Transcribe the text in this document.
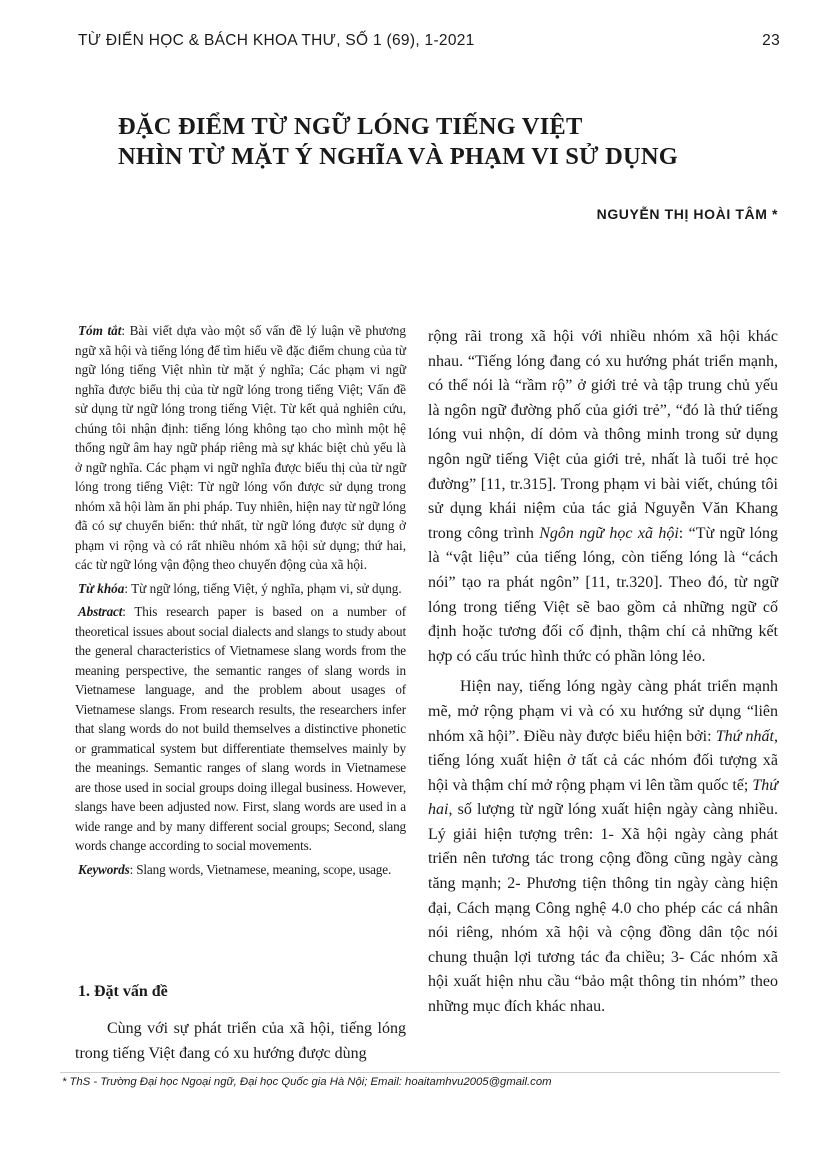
TỪ ĐIỂN HỌC & BÁCH KHOA THƯ, SỐ 1 (69), 1-2021	23
ĐẶC ĐIỂM TỪ NGỮ LÓNG TIẾNG VIỆT
NHÌN TỪ MẶT Ý NGHĨA VÀ PHẠM VI SỬ DỤNG
NGUYỄN THỊ HOÀI TÂM *

Tóm tắt: Bài viết dựa vào một số vấn đề lý luận về phương ngữ xã hội và tiếng lóng để tìm hiểu về đặc điểm chung của từ ngữ lóng tiếng Việt nhìn từ mặt ý nghĩa; Các phạm vi ngữ nghĩa được biểu thị của từ ngữ lóng trong tiếng Việt; Vấn đề sử dụng từ ngữ lóng trong tiếng Việt. Từ kết quả nghiên cứu, chúng tôi nhận định: tiếng lóng không tạo cho mình một hệ thống ngữ âm hay ngữ pháp riêng mà sự khác biệt chủ yếu là ở ngữ nghĩa. Các phạm vi ngữ nghĩa được biểu thị của từ ngữ lóng trong tiếng Việt: Từ ngữ lóng vốn được sử dụng trong nhóm xã hội làm ăn phi pháp. Tuy nhiên, hiện nay từ ngữ lóng đã có sự chuyển biến: thứ nhất, từ ngữ lóng được sử dụng ở phạm vi rộng và có rất nhiều nhóm xã hội sử dụng; thứ hai, các từ ngữ lóng vận động theo chuyển động của xã hội.

Từ khóa: Từ ngữ lóng, tiếng Việt, ý nghĩa, phạm vi, sử dụng.

Abstract: This research paper is based on a number of theoretical issues about social dialects and slangs to study about the general characteristics of Vietnamese slang words from the meaning perspective, the semantic ranges of slang words in Vietnamese language, and the problem about usages of Vietnamese slangs. From research results, the researchers infer that slang words do not build themselves a distinctive phonetic or grammatical system but differentiate themselves mainly by the meanings. Semantic ranges of slang words in Vietnamese are those used in social groups doing illegal business. However, slangs have been adjusted now. First, slang words are used in a wide range and by many different social groups; Second, slang words change according to social movements.

Keywords: Slang words, Vietnamese, meaning, scope, usage.

1. Đặt vấn đề

Cùng với sự phát triển của xã hội, tiếng lóng trong tiếng Việt đang có xu hướng được dùng

rộng rãi trong xã hội với nhiều nhóm xã hội khác nhau. “Tiếng lóng đang có xu hướng phát triển mạnh, có thể nói là “rầm rộ” ở giới trẻ và tập trung chủ yếu là ngôn ngữ đường phố của giới trẻ”, “đó là thứ tiếng lóng vui nhộn, dí dỏm và thông minh trong sử dụng ngôn ngữ tiếng Việt của giới trẻ, nhất là tuổi trẻ học đường” [11, tr.315]. Trong phạm vi bài viết, chúng tôi sử dụng khái niệm của tác giả Nguyễn Văn Khang trong công trình Ngôn ngữ học xã hội: “Từ ngữ lóng là “vật liệu” của tiếng lóng, còn tiếng lóng là “cách nói” tạo ra phát ngôn” [11, tr.320]. Theo đó, từ ngữ lóng trong tiếng Việt sẽ bao gồm cả những ngữ cố định hoặc tương đối cố định, thậm chí cả những kết hợp có cấu trúc hình thức có phần lỏng lẻo.

Hiện nay, tiếng lóng ngày càng phát triển mạnh mẽ, mở rộng phạm vi và có xu hướng sử dụng “liên nhóm xã hội”. Điều này được biểu hiện bởi: Thứ nhất, tiếng lóng xuất hiện ở tất cả các nhóm đối tượng xã hội và thậm chí mở rộng phạm vi lên tầm quốc tế; Thứ hai, số lượng từ ngữ lóng xuất hiện ngày càng nhiều. Lý giải hiện tượng trên: 1- Xã hội ngày càng phát triển nên tương tác trong cộng đồng cũng ngày càng tăng mạnh; 2- Phương tiện thông tin ngày càng hiện đại, Cách mạng Công nghệ 4.0 cho phép các cá nhân nói riêng, nhóm xã hội và cộng đồng dân tộc nói chung thuận lợi tương tác đa chiều; 3- Các nhóm xã hội xuất hiện nhu cầu “bảo mật thông tin nhóm” theo những mục đích khác nhau.

* ThS - Trường Đại học Ngoại ngữ, Đại học Quốc gia Hà Nội; Email: hoaitamhvu2005@gmail.com
